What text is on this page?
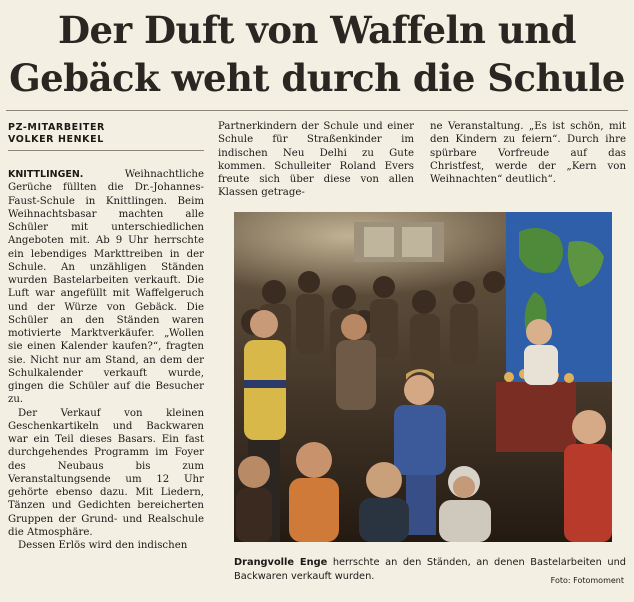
Der Duft von Waffeln und
Gebäck weht durch die Schule
PZ-MITARBEITER
VOLKER HENKEL

KNITTLINGEN.	Weihnachtliche Gerüche füllten die Dr.-Johannes-Faust-Schule in Knittlingen. Beim Weihnachtsbasar machten alle Schüler mit unterschiedlichen Angeboten mit. Ab 9 Uhr herrschte ein lebendiges Markttreiben in der Schule. An unzähligen Ständen wurden Bastelarbeiten verkauft. Die Luft war angefüllt mit Waffelgeruch und der Würze von Gebäck. Die Schüler an den Ständen waren motivierte Marktverkäufer. „Wollen sie einen Kalender kaufen?“, fragten sie. Nicht nur am Stand, an dem der Schulkalender verkauft wurde, gingen die Schüler auf die Besucher zu.

Der Verkauf von kleinen Geschenkartikeln und Backwaren war ein Teil dieses Basars. Ein fast durchgehendes Programm im Foyer des Neubaus bis zum Veranstaltungsende um 12 Uhr gehörte ebenso dazu. Mit Liedern, Tänzen und Gedichten bereicherten Gruppen der Grund- und Realschule die Atmosphäre.

Dessen Erlös wird den indischen

Partnerkindern der Schule und einer Schule für Straßenkinder im indischen Neu Delhi zu Gute kommen. Schulleiter Roland Evers freute sich über diese von allen Klassen getrage-

ne Veranstaltung. „Es ist schön, mit den Kindern zu feiern“. Durch ihre spürbare Vorfreude auf das Christfest, werde der „Kern von Weihnachten“ deutlich“.

Drangvolle Enge herrschte an den Ständen, an denen Bastelarbeiten und Backwaren verkauft wurden.	Foto: Fotomoment
